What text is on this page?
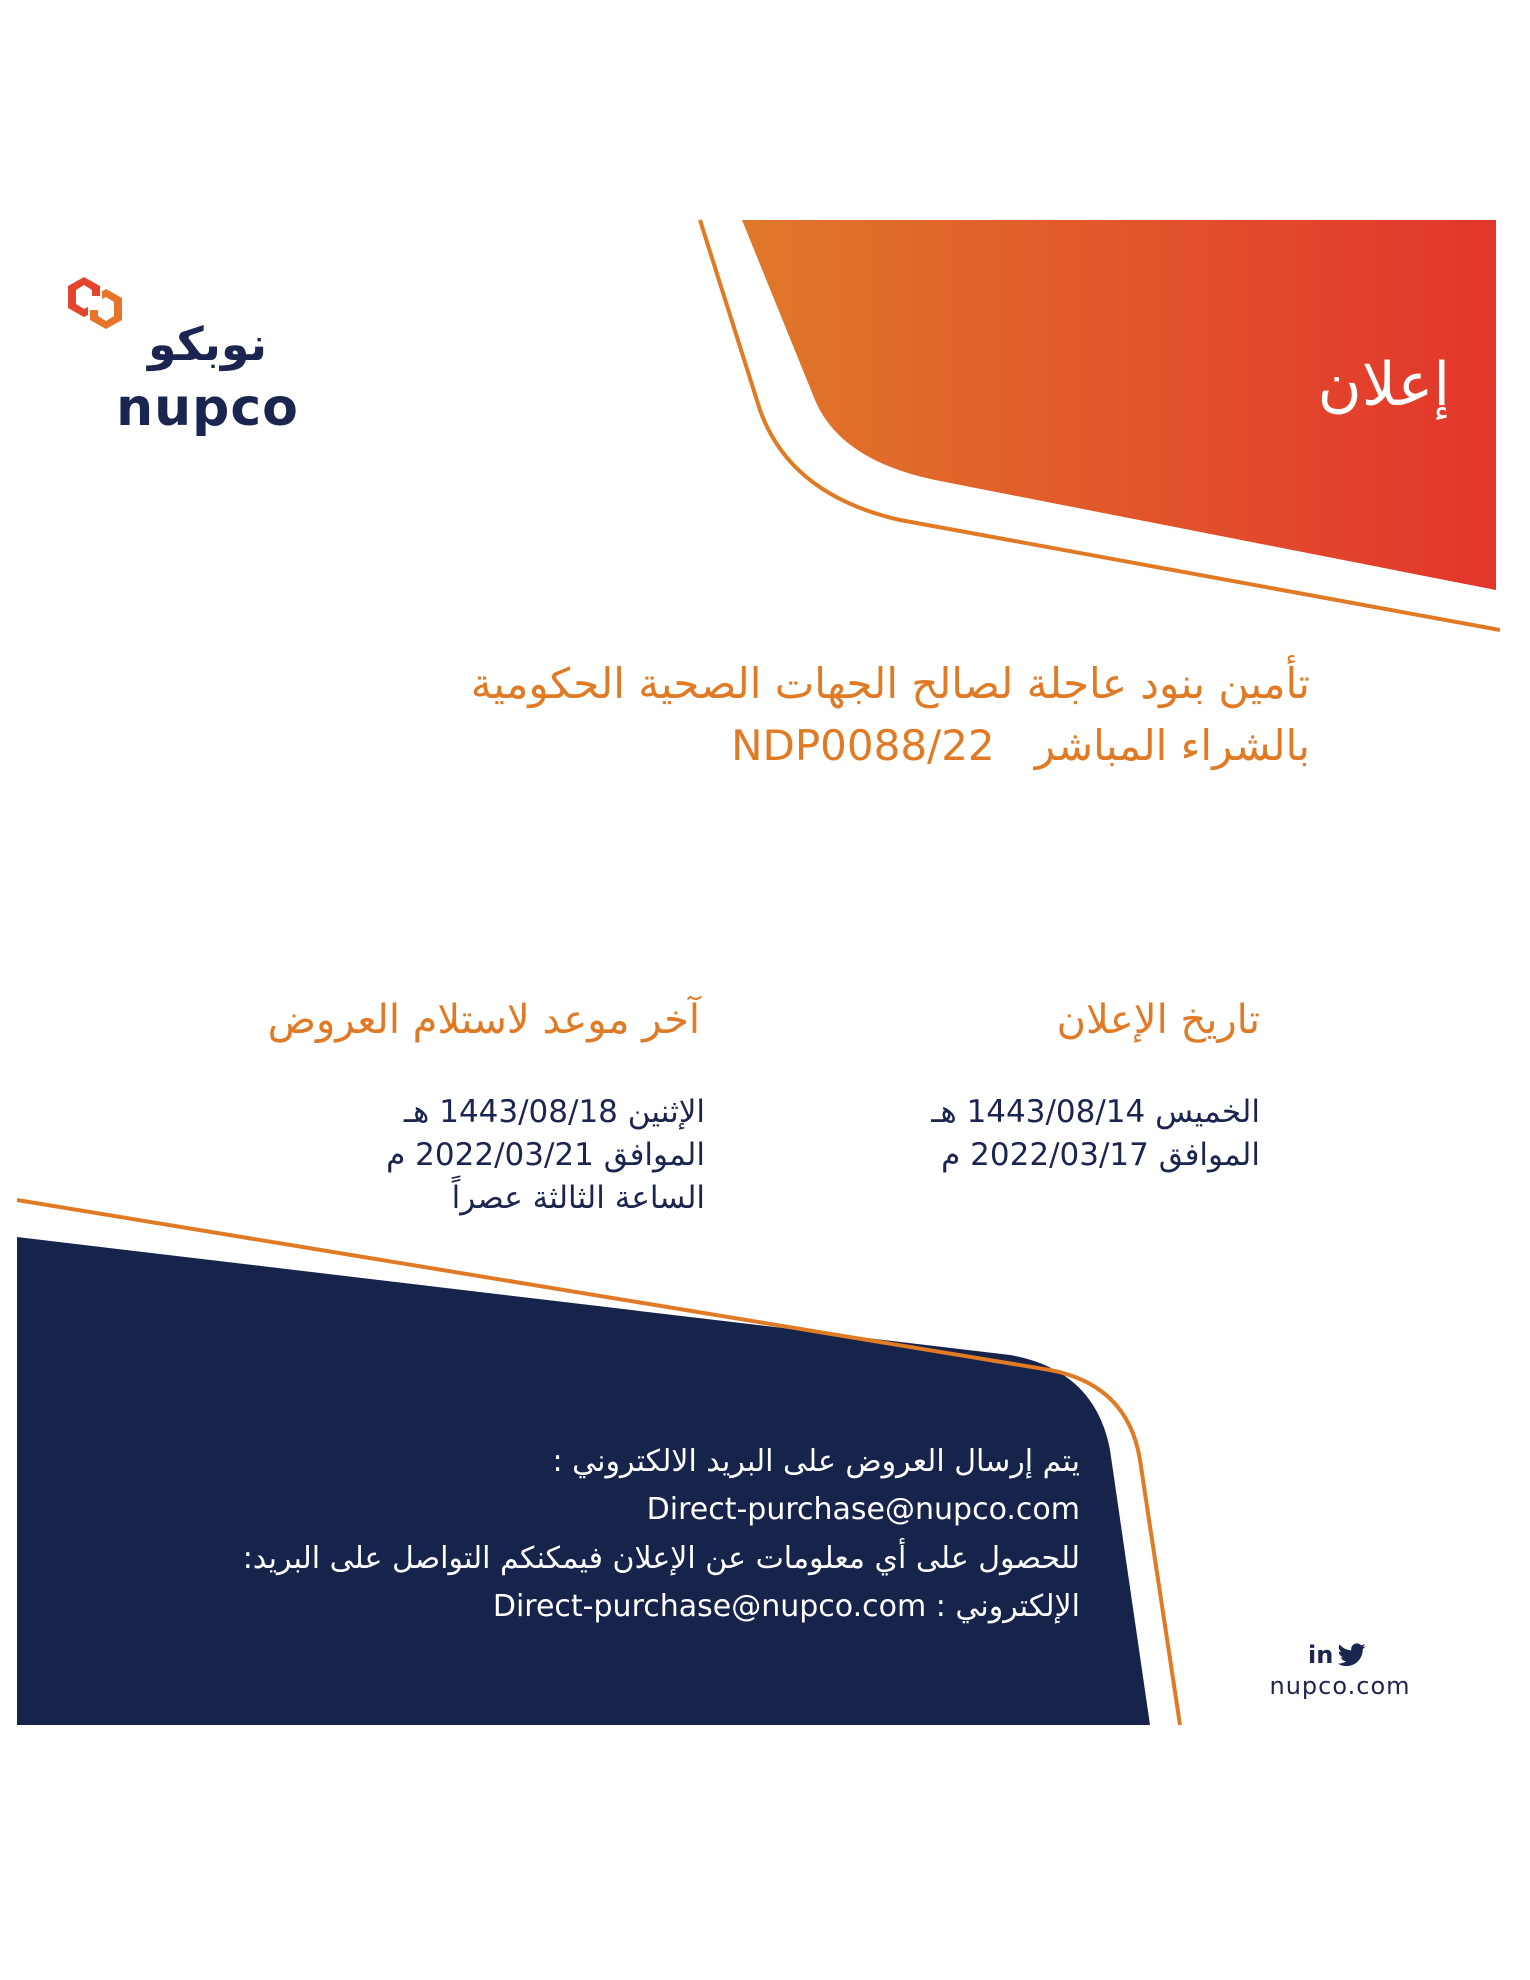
نوبكو
nupco	إعلان
تأمين بنود عاجلة لصالح الجهات الصحية الحكومية
بالشراء المباشر   NDP0088/22
تاريخ الإعلان
الخميس 1443/08/14 هـ
الموافق 2022/03/17 م
آخر موعد لاستلام العروض
الإثنين 1443/08/18 هـ
الموافق 2022/03/21 م
الساعة الثالثة عصراً
يتم إرسال العروض على البريد الالكتروني :
Direct-purchase@nupco.com
للحصول على أي معلومات عن الإعلان فيمكنكم التواصل على البريد:
الإلكتروني : Direct-purchase@nupco.com
in
nupco.com
